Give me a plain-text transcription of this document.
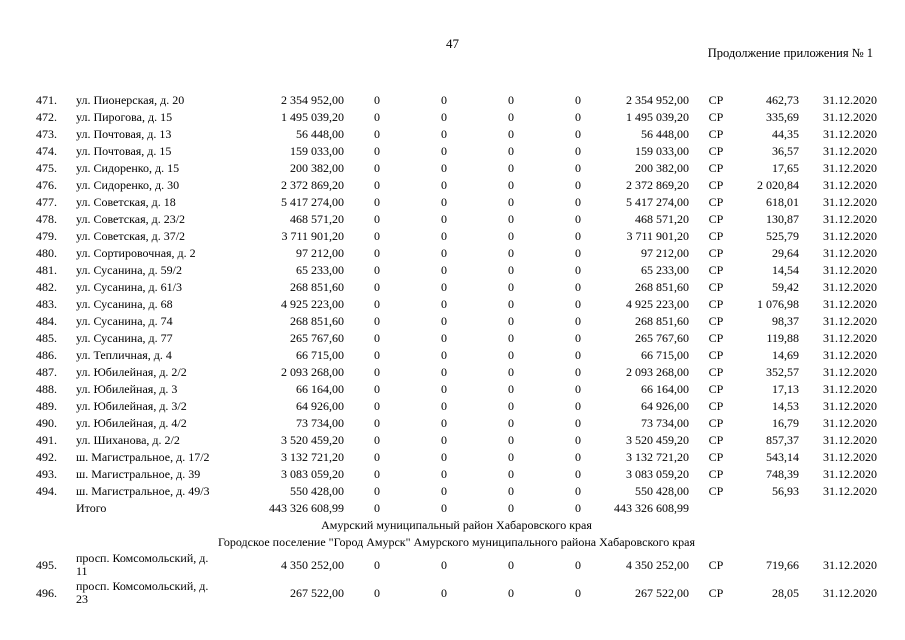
47
Продолжение приложения № 1
471.	ул. Пионерская, д. 20	2 354 952,00	0	0	0	0	2 354 952,00	СР	462,73	31.12.2020
472.	ул. Пирогова, д. 15	1 495 039,20	0	0	0	0	1 495 039,20	СР	335,69	31.12.2020
473.	ул. Почтовая, д. 13	56 448,00	0	0	0	0	56 448,00	СР	44,35	31.12.2020
474.	ул. Почтовая, д. 15	159 033,00	0	0	0	0	159 033,00	СР	36,57	31.12.2020
475.	ул. Сидоренко, д. 15	200 382,00	0	0	0	0	200 382,00	СР	17,65	31.12.2020
476.	ул. Сидоренко, д. 30	2 372 869,20	0	0	0	0	2 372 869,20	СР	2 020,84	31.12.2020
477.	ул. Советская, д. 18	5 417 274,00	0	0	0	0	5 417 274,00	СР	618,01	31.12.2020
478.	ул. Советская, д. 23/2	468 571,20	0	0	0	0	468 571,20	СР	130,87	31.12.2020
479.	ул. Советская, д. 37/2	3 711 901,20	0	0	0	0	3 711 901,20	СР	525,79	31.12.2020
480.	ул. Сортировочная, д. 2	97 212,00	0	0	0	0	97 212,00	СР	29,64	31.12.2020
481.	ул. Сусанина, д. 59/2	65 233,00	0	0	0	0	65 233,00	СР	14,54	31.12.2020
482.	ул. Сусанина, д. 61/3	268 851,60	0	0	0	0	268 851,60	СР	59,42	31.12.2020
483.	ул. Сусанина, д. 68	4 925 223,00	0	0	0	0	4 925 223,00	СР	1 076,98	31.12.2020
484.	ул. Сусанина, д. 74	268 851,60	0	0	0	0	268 851,60	СР	98,37	31.12.2020
485.	ул. Сусанина, д. 77	265 767,60	0	0	0	0	265 767,60	СР	119,88	31.12.2020
486.	ул. Тепличная, д. 4	66 715,00	0	0	0	0	66 715,00	СР	14,69	31.12.2020
487.	ул. Юбилейная, д. 2/2	2 093 268,00	0	0	0	0	2 093 268,00	СР	352,57	31.12.2020
488.	ул. Юбилейная, д. 3	66 164,00	0	0	0	0	66 164,00	СР	17,13	31.12.2020
489.	ул. Юбилейная, д. 3/2	64 926,00	0	0	0	0	64 926,00	СР	14,53	31.12.2020
490.	ул. Юбилейная, д. 4/2	73 734,00	0	0	0	0	73 734,00	СР	16,79	31.12.2020
491.	ул. Шиханова, д. 2/2	3 520 459,20	0	0	0	0	3 520 459,20	СР	857,37	31.12.2020
492.	ш. Магистральное, д. 17/2	3 132 721,20	0	0	0	0	3 132 721,20	СР	543,14	31.12.2020
493.	ш. Магистральное, д. 39	3 083 059,20	0	0	0	0	3 083 059,20	СР	748,39	31.12.2020
494.	ш. Магистральное, д. 49/3	550 428,00	0	0	0	0	550 428,00	СР	56,93	31.12.2020
	Итого	443 326 608,99	0	0	0	0	443 326 608,99			
Амурский муниципальный район Хабаровского края										
Городское поселение "Город Амурск" Амурского муниципального района Хабаровского края										
495.	просп. Комсомольский, д. 11	4 350 252,00	0	0	0	0	4 350 252,00	СР	719,66	31.12.2020
496.	просп. Комсомольский, д. 23	267 522,00	0	0	0	0	267 522,00	СР	28,05	31.12.2020
